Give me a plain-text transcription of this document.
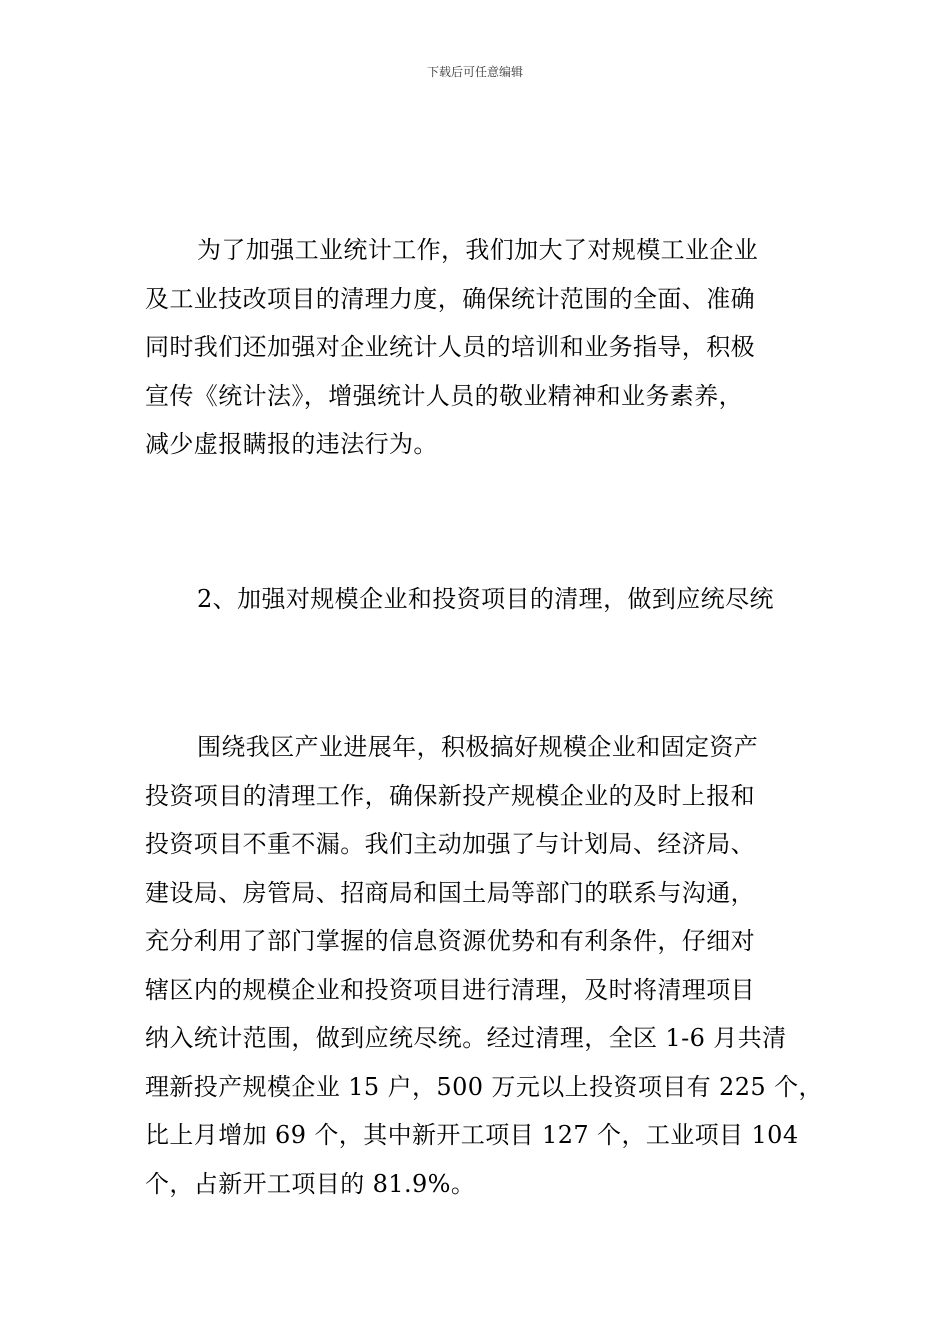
下载后可任意编辑
为了加强工业统计工作，我们加大了对规模工业企业
及工业技改项目的清理力度，确保统计范围的全面、准确
同时我们还加强对企业统计人员的培训和业务指导，积极
宣传《统计法》，增强统计人员的敬业精神和业务素养，
减少虚报瞒报的违法行为。
2、加强对规模企业和投资项目的清理，做到应统尽统
围绕我区产业进展年，积极搞好规模企业和固定资产
投资项目的清理工作，确保新投产规模企业的及时上报和
投资项目不重不漏。我们主动加强了与计划局、经济局、
建设局、房管局、招商局和国土局等部门的联系与沟通，
充分利用了部门掌握的信息资源优势和有利条件，仔细对
辖区内的规模企业和投资项目进行清理，及时将清理项目
纳入统计范围，做到应统尽统。经过清理，全区 1-6 月共清
理新投产规模企业 15 户，500 万元以上投资项目有 225 个，
比上月增加 69 个，其中新开工项目 127 个，工业项目 104
个，占新开工项目的 81.9%。
